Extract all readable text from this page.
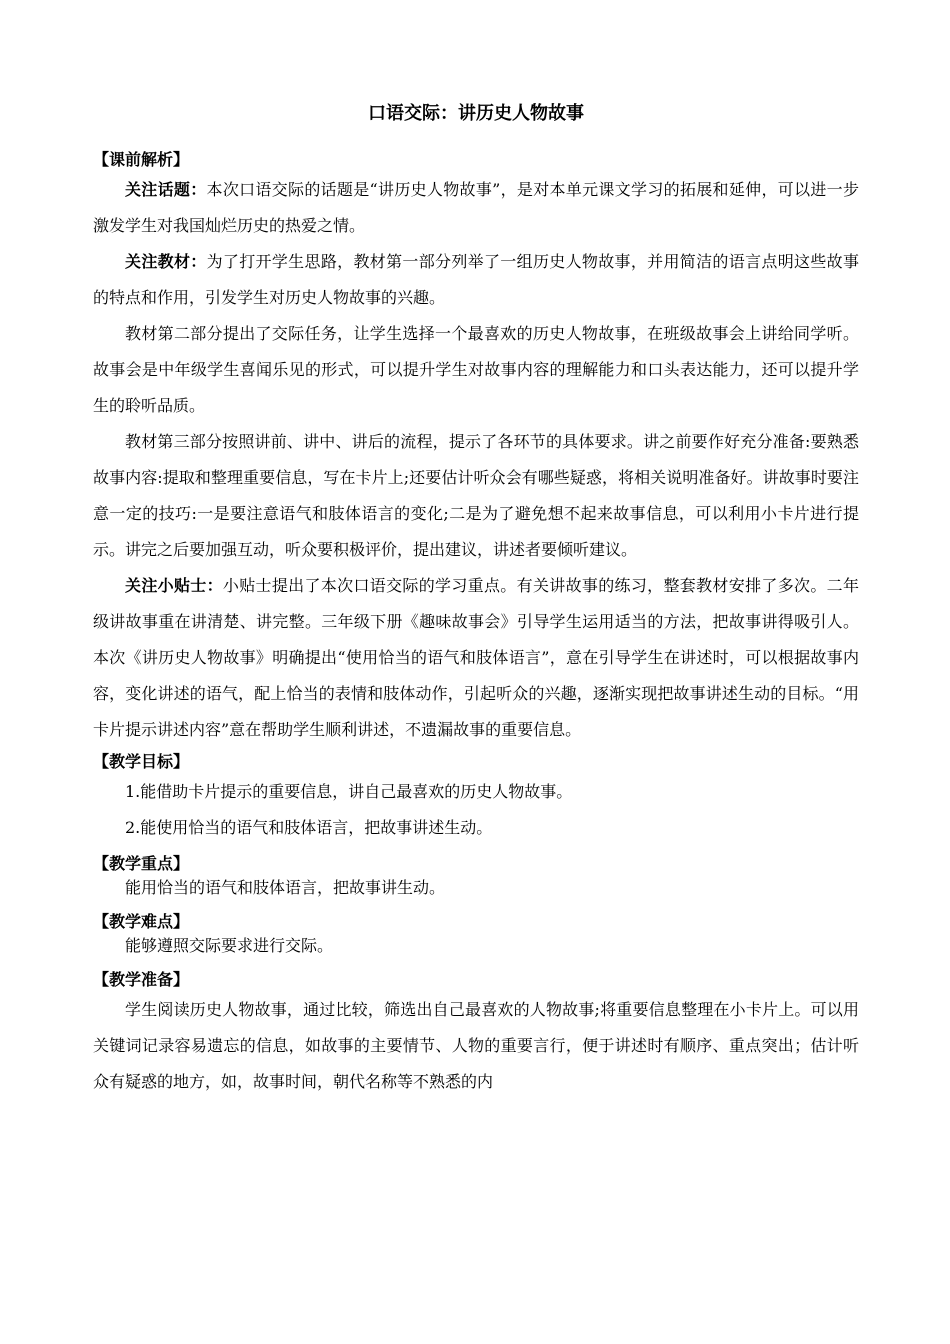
口语交际：讲历史人物故事

【课前解析】

关注话题：本次口语交际的话题是“讲历史人物故事”，是对本单元课文学习的拓展和延伸，可以进一步激发学生对我国灿烂历史的热爱之情。

关注教材：为了打开学生思路，教材第一部分列举了一组历史人物故事，并用简洁的语言点明这些故事的特点和作用，引发学生对历史人物故事的兴趣。

教材第二部分提出了交际任务，让学生选择一个最喜欢的历史人物故事，在班级故事会上讲给同学听。故事会是中年级学生喜闻乐见的形式，可以提升学生对故事内容的理解能力和口头表达能力，还可以提升学生的聆听品质。

教材第三部分按照讲前、讲中、讲后的流程，提示了各环节的具体要求。讲之前要作好充分准备:要熟悉故事内容:提取和整理重要信息，写在卡片上;还要估计听众会有哪些疑惑，将相关说明准备好。讲故事时要注意一定的技巧:一是要注意语气和肢体语言的变化;二是为了避免想不起来故事信息，可以利用小卡片进行提示。讲完之后要加强互动，听众要积极评价，提出建议，讲述者要倾听建议。

关注小贴士：小贴士提出了本次口语交际的学习重点。有关讲故事的练习，整套教材安排了多次。二年级讲故事重在讲清楚、讲完整。三年级下册《趣味故事会》引导学生运用适当的方法，把故事讲得吸引人。本次《讲历史人物故事》明确提出“使用恰当的语气和肢体语言”，意在引导学生在讲述时，可以根据故事内容，变化讲述的语气，配上恰当的表情和肢体动作，引起听众的兴趣，逐渐实现把故事讲述生动的目标。“用卡片提示讲述内容”意在帮助学生顺利讲述，不遗漏故事的重要信息。

【教学目标】

1.能借助卡片提示的重要信息，讲自己最喜欢的历史人物故事。

2.能使用恰当的语气和肢体语言，把故事讲述生动。

【教学重点】

能用恰当的语气和肢体语言，把故事讲生动。

【教学难点】

能够遵照交际要求进行交际。

【教学准备】

学生阅读历史人物故事，通过比较，筛选出自己最喜欢的人物故事;将重要信息整理在小卡片上。可以用关键词记录容易遗忘的信息，如故事的主要情节、人物的重要言行，便于讲述时有顺序、重点突出；估计听众有疑惑的地方，如，故事时间，朝代名称等不熟悉的内
